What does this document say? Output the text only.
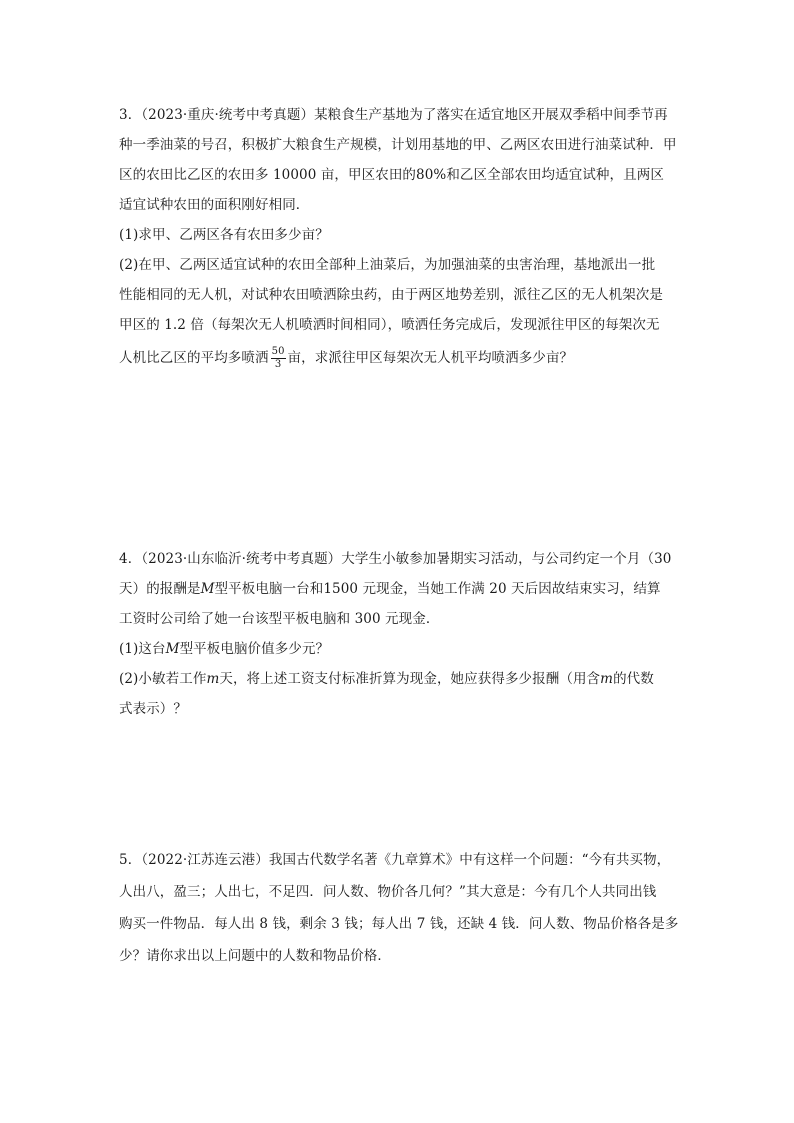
3．（2023·重庆·统考中考真题）某粮食生产基地为了落实在适宜地区开展双季稻中间季节再
种一季油菜的号召，积极扩大粮食生产规模，计划用基地的甲、乙两区农田进行油菜试种．甲
区的农田比乙区的农田多 10000 亩，甲区农田的80%和乙区全部农田均适宜试种，且两区
适宜试种农田的面积刚好相同．
(1)求甲、乙两区各有农田多少亩？
(2)在甲、乙两区适宜试种的农田全部种上油菜后，为加强油菜的虫害治理，基地派出一批
性能相同的无人机，对试种农田喷洒除虫药，由于两区地势差别，派往乙区的无人机架次是
甲区的 1.2 倍（每架次无人机喷洒时间相同），喷洒任务完成后，发现派往甲区的每架次无
人机比乙区的平均多喷洒 $\frac{50}{3}$ 亩，求派往甲区每架次无人机平均喷洒多少亩？
4．（2023·山东临沂·统考中考真题）大学生小敏参加暑期实习活动，与公司约定一个月（30
天）的报酬是M型平板电脑一台和1500 元现金，当她工作满 20 天后因故结束实习，结算
工资时公司给了她一台该型平板电脑和 300 元现金．
(1)这台M型平板电脑价值多少元？
(2)小敏若工作m天，将上述工资支付标准折算为现金，她应获得多少报酬（用含m的代数
式表示）？
5．（2022·江苏连云港）我国古代数学名著《九章算术》中有这样一个问题：“今有共买物，
人出八，盈三；人出七，不足四．问人数、物价各几何？”其大意是：今有几个人共同出钱
购买一件物品．每人出 8 钱，剩余 3 钱；每人出 7 钱，还缺 4 钱．问人数、物品价格各是多
少？请你求出以上问题中的人数和物品价格．
